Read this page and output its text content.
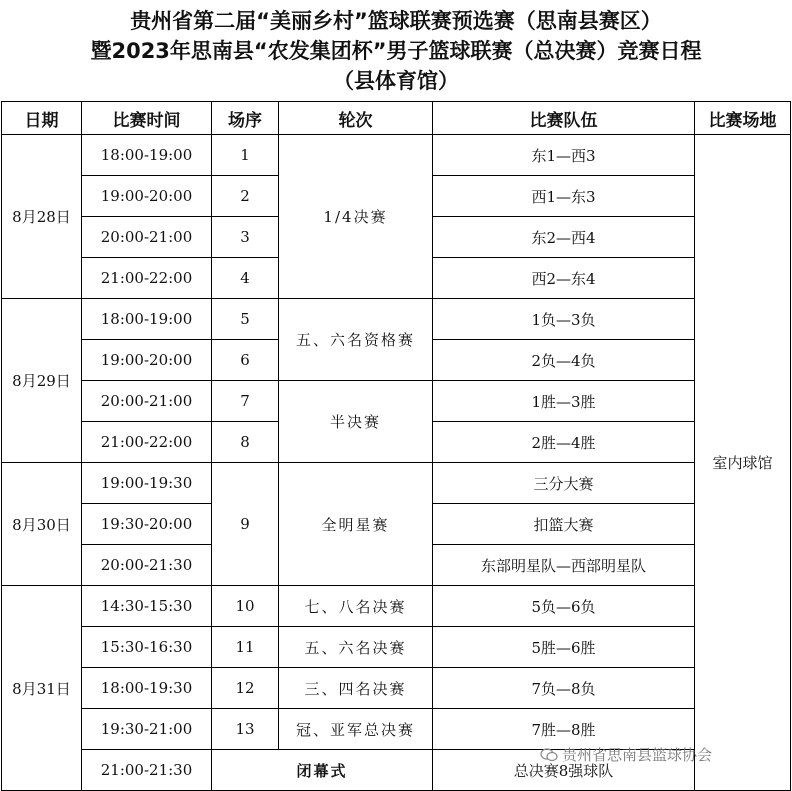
贵州省第二届“美丽乡村”篮球联赛预选赛（思南县赛区）
暨2023年思南县“农发集团杯”男子篮球联赛（总决赛）竞赛日程
（县体育馆）
日期	比赛时间	场序	轮次	比赛队伍	比赛场地
8月28日	18:00-19:00	1	1/4决赛	东1—西3	室内球馆
	19:00-20:00	2		西1—东3	
	20:00-21:00	3		东2—西4	
	21:00-22:00	4		西2—东4	
8月29日	18:00-19:00	5	五、六名资格赛	1负—3负	
	19:00-20:00	6		2负—4负	
	20:00-21:00	7	半决赛	1胜—3胜	
	21:00-22:00	8		2胜—4胜	
8月30日	19:00-19:30	9	全明星赛	三分大赛	
	19:30-20:00			扣篮大赛	
	20:00-21:30			东部明星队—西部明星队	
8月31日	14:30-15:30	10	七、八名决赛	5负—6负	
	15:30-16:30	11	五、六名决赛	5胜—6胜	
	18:00-19:30	12	三、四名决赛	7负—8负	
	19:30-21:00	13	冠、亚军总决赛	7胜—8胜	
	21:00-21:30	闭幕式		总决赛8强球队	
贵州省思南县篮球协会
